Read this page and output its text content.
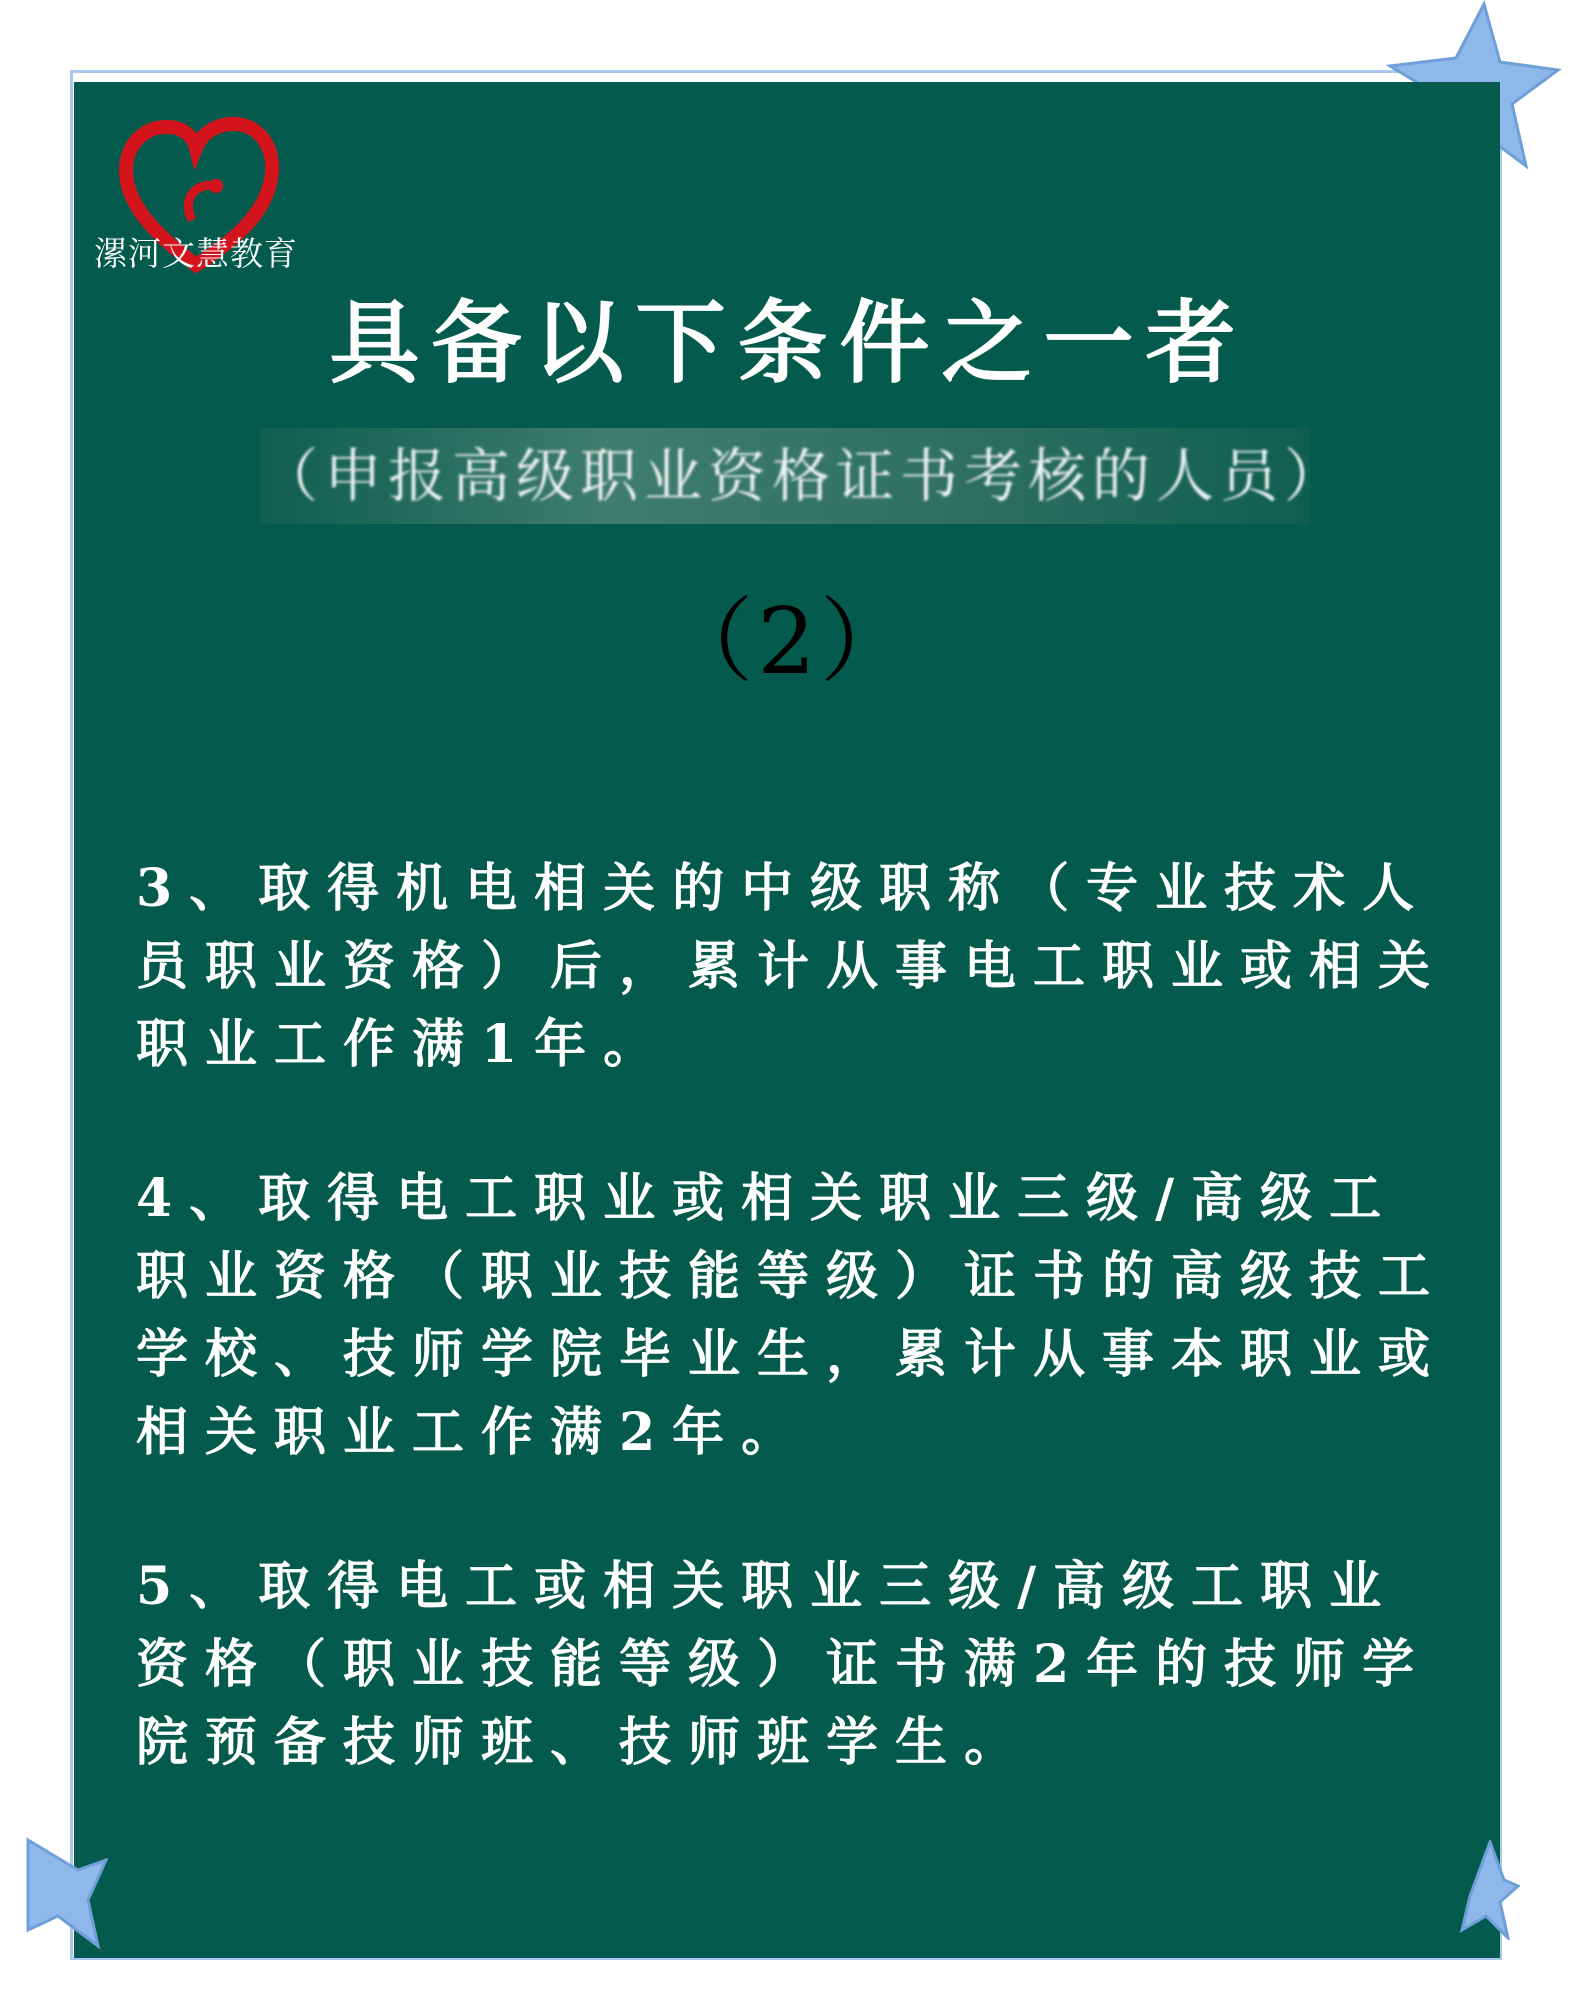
漯河文慧教育
具备以下条件之一者
（申报高级职业资格证书考核的人员）
（2）
3、取得机电相关的中级职称（专业技术人员职业资格）后，累计从事电工职业或相关职业工作满1年。
4、取得电工职业或相关职业三级/高级工职业资格（职业技能等级）证书的高级技工学校、技师学院毕业生，累计从事本职业或相关职业工作满2年。
5、取得电工或相关职业三级/高级工职业资格（职业技能等级）证书满2年的技师学院预备技师班、技师班学生。
